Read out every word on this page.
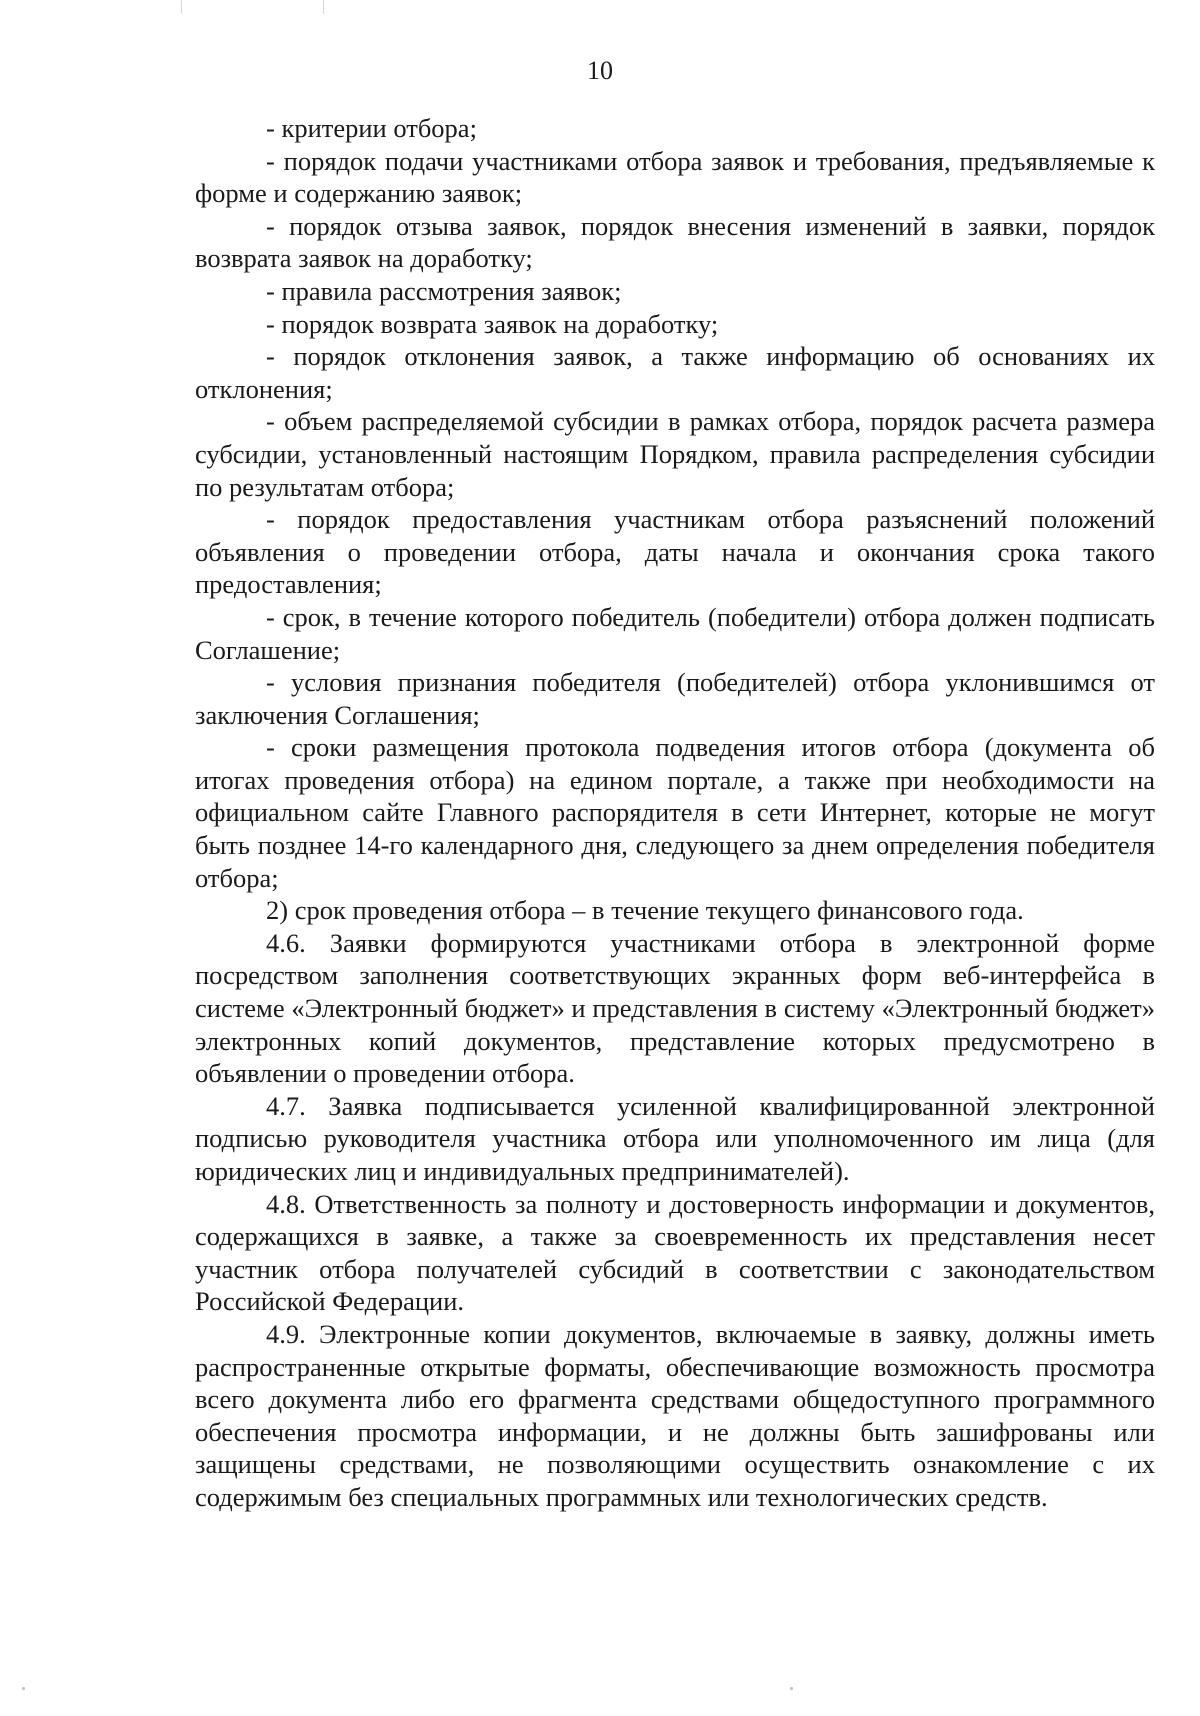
10

- критерии отбора;

- порядок подачи участниками отбора заявок и требования, предъявляемые к форме и содержанию заявок;

- порядок отзыва заявок, порядок внесения изменений в заявки, порядок возврата заявок на доработку;

- правила рассмотрения заявок;

- порядок возврата заявок на доработку;

- порядок отклонения заявок, а также информацию об основаниях их отклонения;

- объем распределяемой субсидии в рамках отбора, порядок расчета размера субсидии, установленный настоящим Порядком, правила распределения субсидии по результатам отбора;

- порядок предоставления участникам отбора разъяснений положений объявления о проведении отбора, даты начала и окончания срока такого предоставления;

- срок, в течение которого победитель (победители) отбора должен подписать Соглашение;

- условия признания победителя (победителей) отбора уклонившимся от заключения Соглашения;

- сроки размещения протокола подведения итогов отбора (документа об итогах проведения отбора) на едином портале, а также при необходимости на официальном сайте Главного распорядителя в сети Интернет, которые не могут быть позднее 14-го календарного дня, следующего за днем определения победителя отбора;

2) срок проведения отбора – в течение текущего финансового года.

4.6. Заявки формируются участниками отбора в электронной форме посредством заполнения соответствующих экранных форм веб-интерфейса в системе «Электронный бюджет» и представления в систему «Электронный бюджет» электронных копий документов, представление которых предусмотрено в объявлении о проведении отбора.

4.7. Заявка подписывается усиленной квалифицированной электронной подписью руководителя участника отбора или уполномоченного им лица (для юридических лиц и индивидуальных предпринимателей).

4.8. Ответственность за полноту и достоверность информации и документов, содержащихся в заявке, а также за своевременность их представления несет участник отбора получателей субсидий в соответствии с законодательством Российской Федерации.

4.9. Электронные копии документов, включаемые в заявку, должны иметь распространенные открытые форматы, обеспечивающие возможность просмотра всего документа либо его фрагмента средствами общедоступного программного обеспечения просмотра информации, и не должны быть зашифрованы или защищены средствами, не позволяющими осуществить ознакомление с их содержимым без специальных программных или технологических средств.
